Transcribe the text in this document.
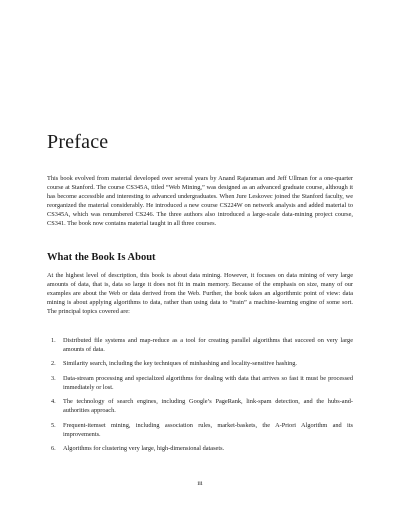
Preface

This book evolved from material developed over several years by Anand Rajaraman and Jeff Ullman for a one-quarter course at Stanford. The course CS345A, titled “Web Mining,” was designed as an advanced graduate course, although it has become accessible and interesting to advanced undergraduates. When Jure Leskovec joined the Stanford faculty, we reorganized the material considerably. He introduced a new course CS224W on network analysis and added material to CS345A, which was renumbered CS246. The three authors also introduced a large-scale data-mining project course, CS341. The book now contains material taught in all three courses.

What the Book Is About

At the highest level of description, this book is about data mining. However, it focuses on data mining of very large amounts of data, that is, data so large it does not fit in main memory. Because of the emphasis on size, many of our examples are about the Web or data derived from the Web. Further, the book takes an algorithmic point of view: data mining is about applying algorithms to data, rather than using data to “train” a machine-learning engine of some sort. The principal topics covered are:

1. Distributed file systems and map-reduce as a tool for creating parallel algorithms that succeed on very large amounts of data.
2. Similarity search, including the key techniques of minhashing and locality-sensitive hashing.
3. Data-stream processing and specialized algorithms for dealing with data that arrives so fast it must be processed immediately or lost.
4. The technology of search engines, including Google’s PageRank, link-spam detection, and the hubs-and-authorities approach.
5. Frequent-itemset mining, including association rules, market-baskets, the A-Priori Algorithm and its improvements.
6. Algorithms for clustering very large, high-dimensional datasets.
iii
